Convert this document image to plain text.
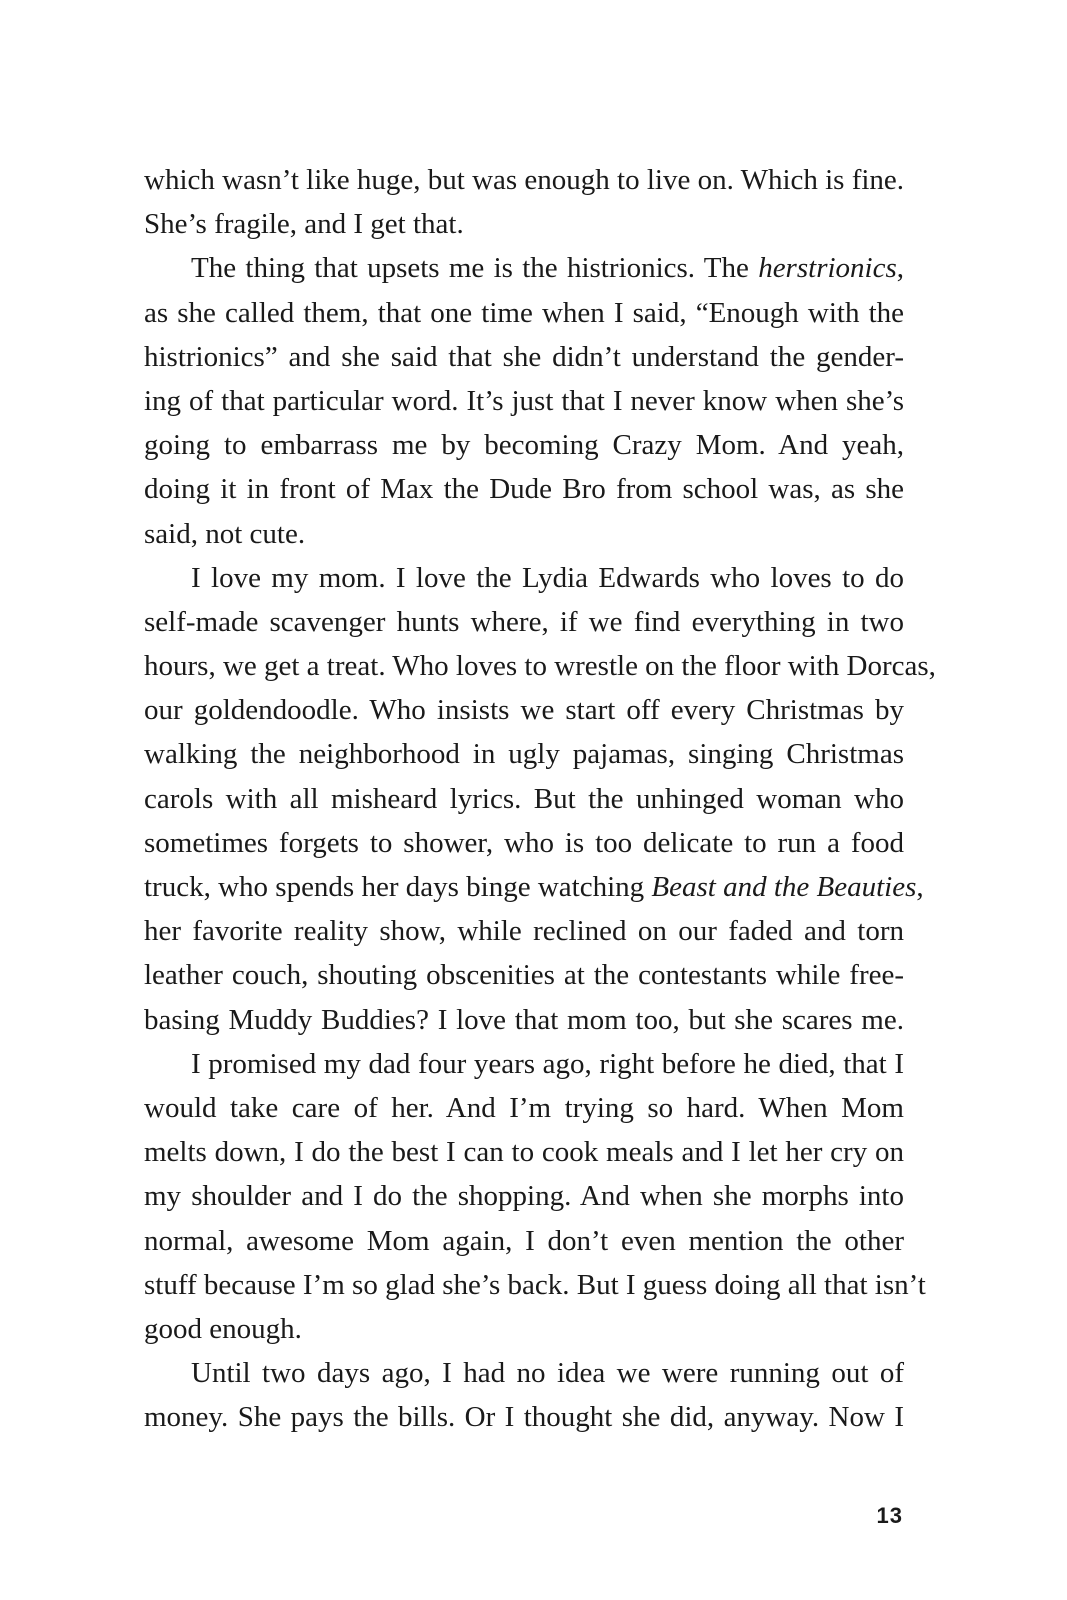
which wasn’t like huge, but was enough to live on. Which is fine.
She’s fragile, and I get that.
The thing that upsets me is the histrionics. The herstrionics,
as she called them, that one time when I said, “Enough with the
histrionics” and she said that she didn’t understand the gender-
ing of that particular word. It’s just that I never know when she’s
going to embarrass me by becoming Crazy Mom. And yeah,
doing it in front of Max the Dude Bro from school was, as she
said, not cute.
I love my mom. I love the Lydia Edwards who loves to do
self-made scavenger hunts where, if we find everything in two
hours, we get a treat. Who loves to wrestle on the floor with Dorcas,
our goldendoodle. Who insists we start off every Christmas by
walking the neighborhood in ugly pajamas, singing Christmas
carols with all misheard lyrics. But the unhinged woman who
sometimes forgets to shower, who is too delicate to run a food
truck, who spends her days binge watching Beast and the Beauties,
her favorite reality show, while reclined on our faded and torn
leather couch, shouting obscenities at the contestants while free-
basing Muddy Buddies? I love that mom too, but she scares me.
I promised my dad four years ago, right before he died, that I
would take care of her. And I’m trying so hard. When Mom
melts down, I do the best I can to cook meals and I let her cry on
my shoulder and I do the shopping. And when she morphs into
normal, awesome Mom again, I don’t even mention the other
stuff because I’m so glad she’s back. But I guess doing all that isn’t
good enough.
Until two days ago, I had no idea we were running out of
money. She pays the bills. Or I thought she did, anyway. Now I
13
